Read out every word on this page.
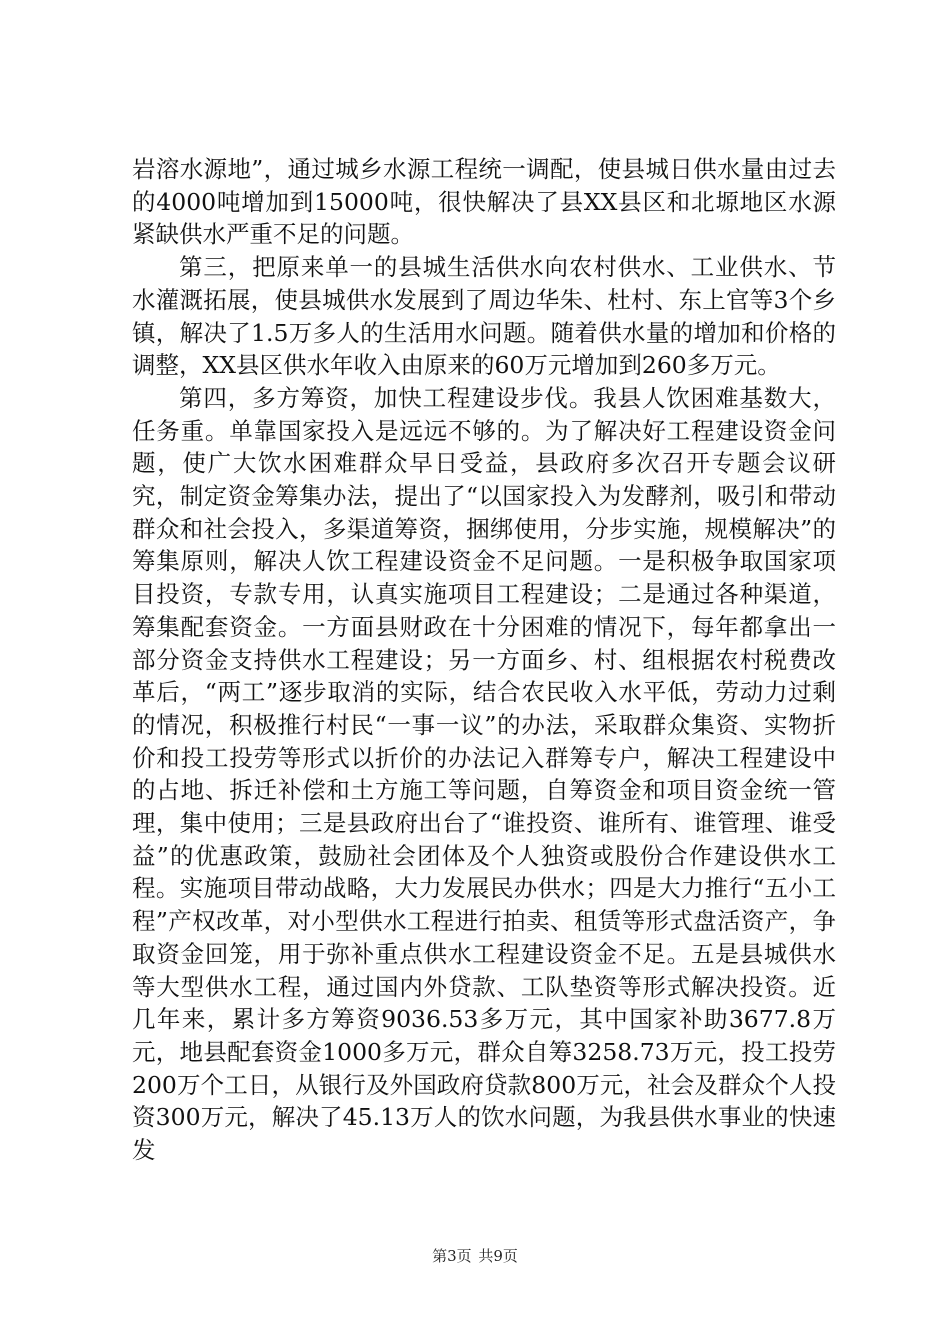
岩溶水源地”，通过城乡水源工程统一调配，使县城日供水量由过去的4000吨增加到15000吨，很快解决了县XX县区和北塬地区水源紧缺供水严重不足的问题。

第三，把原来单一的县城生活供水向农村供水、工业供水、节水灌溉拓展，使县城供水发展到了周边华朱、杜村、东上官等3个乡镇，解决了1.5万多人的生活用水问题。随着供水量的增加和价格的调整，XX县区供水年收入由原来的60万元增加到260多万元。

第四，多方筹资，加快工程建设步伐。我县人饮困难基数大，任务重。单靠国家投入是远远不够的。为了解决好工程建设资金问题，使广大饮水困难群众早日受益，县政府多次召开专题会议研究，制定资金筹集办法，提出了“以国家投入为发酵剂，吸引和带动群众和社会投入，多渠道筹资，捆绑使用，分步实施，规模解决”的筹集原则，解决人饮工程建设资金不足问题。一是积极争取国家项目投资，专款专用，认真实施项目工程建设；二是通过各种渠道，筹集配套资金。一方面县财政在十分困难的情况下，每年都拿出一部分资金支持供水工程建设；另一方面乡、村、组根据农村税费改革后，“两工”逐步取消的实际，结合农民收入水平低，劳动力过剩的情况，积极推行村民“一事一议”的办法，采取群众集资、实物折价和投工投劳等形式以折价的办法记入群筹专户，解决工程建设中的占地、拆迁补偿和土方施工等问题，自筹资金和项目资金统一管理，集中使用；三是县政府出台了“谁投资、谁所有、谁管理、谁受益”的优惠政策，鼓励社会团体及个人独资或股份合作建设供水工程。实施项目带动战略，大力发展民办供水；四是大力推行“五小工程”产权改革，对小型供水工程进行拍卖、租赁等形式盘活资产，争取资金回笼，用于弥补重点供水工程建设资金不足。五是县城供水等大型供水工程，通过国内外贷款、工队垫资等形式解决投资。近几年来，累计多方筹资9036.53多万元，其中国家补助3677.8万元，地县配套资金1000多万元，群众自筹3258.73万元，投工投劳200万个工日，从银行及外国政府贷款800万元，社会及群众个人投资300万元，解决了45.13万人的饮水问题，为我县供水事业的快速发

第3页 共9页
